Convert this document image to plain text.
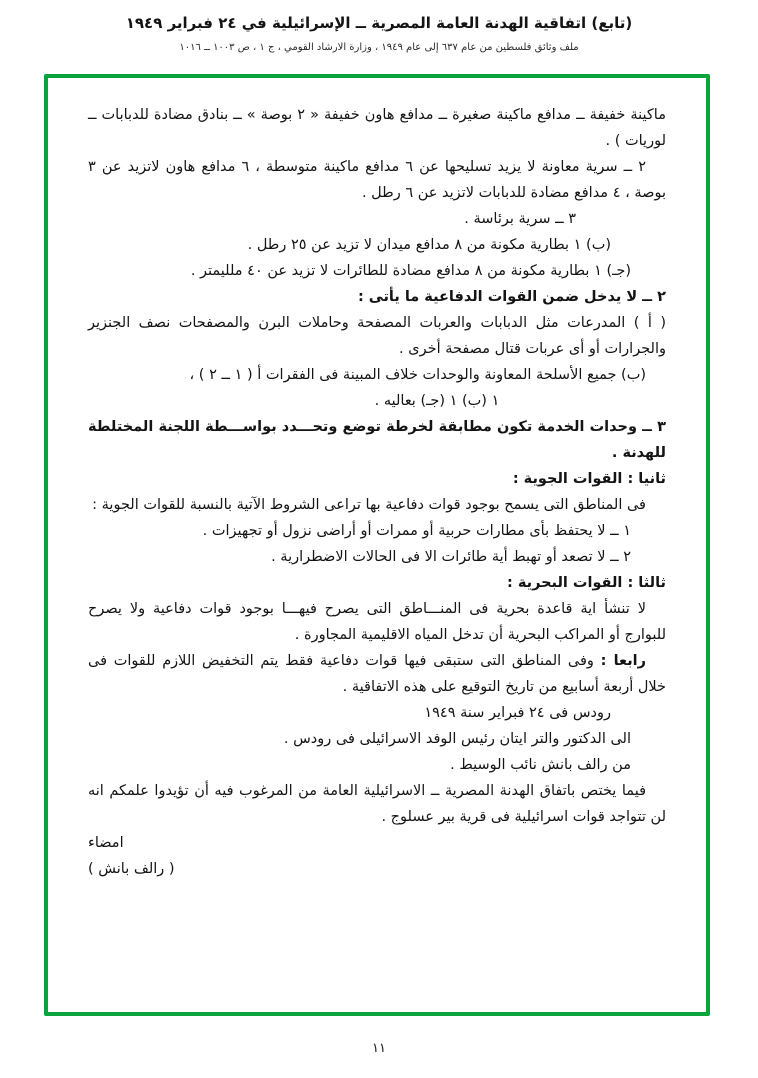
(تابع) اتفاقية الهدنة العامة المصرية ــ الإسرائيلية في ٢٤ فبراير ١٩٤٩
ملف وثائق فلسطين من عام ٦٣٧ إلى عام ١٩٤٩ ، وزارة الارشاد القومي ، ج ١ ، ص ١٠٠٣ ــ ١٠١٦

ماكينة خفيفة ــ مدافع ماكينة صغيرة ــ مدافع هاون خفيفة « ٢ بوصة » ــ بنادق مضادة للدبابات ــ لوريات ) .

٢ ــ سرية معاونة لا يزيد تسليحها عن ٦ مدافع ماكينة متوسطة ، ٦ مدافع هاون لاتزيد عن ٣ بوصة ، ٤ مدافع مضادة للدبابات لاتزيد عن ٦ رطل .

٣ ــ سرية برئاسة .

(ب) ١ بطارية مكونة من ٨ مدافع ميدان لا تزيد عن ٢٥ رطل .

(جـ) ١ بطارية مكونة من ٨ مدافع مضادة للطائرات لا تزيد عن ٤٠ ملليمتر .

٢ ــ لا يدخل ضمن القوات الدفاعية ما يأتى :

( أ ) المدرعات مثل الدبابات والعربات المصفحة وحاملات البرن والمصفحات نصف الجنزير والجرارات أو أى عربات قتال مصفحة أخرى .

(ب) جميع الأسلحة المعاونة والوحدات خلاف المبينة فى الفقرات أ ( ١ ــ ٢ ) ،

١ (ب) ١ (جـ) بعاليه .

٣ ــ وحدات الخدمة تكون مطابقة لخرطة توضع وتحـــدد بواســـطة اللجنة المختلطة للهدنة .

ثانيا : القوات الجوية :

فى المناطق التى يسمح بوجود قوات دفاعية بها تراعى الشروط الآتية بالنسبة للقوات الجوية :

١ ــ لا يحتفظ بأى مطارات حربية أو ممرات أو أراضى نزول أو تجهيزات .

٢ ــ لا تصعد أو تهبط أية طائرات الا فى الحالات الاضطرارية .

ثالثا : القوات البحرية :

لا تنشأ اية قاعدة بحرية فى المنـــاطق التى يصرح فيهـــا بوجود قوات دفاعية ولا يصرح للبوارج أو المراكب البحرية أن تدخل المياه الاقليمية المجاورة .

رابعا : وفى المناطق التى ستبقى فيها قوات دفاعية فقط يتم التخفيض اللازم للقوات فى خلال أربعة أسابيع من تاريخ التوقيع على هذه الاتفاقية .

رودس فى ٢٤ فبراير سنة ١٩٤٩

الى الدكتور والتر ايتان رئيس الوفد الاسرائيلى فى رودس .

من رالف بانش نائب الوسيط .

فيما يختص باتفاق الهدنة المصرية ــ الاسرائيلية العامة من المرغوب فيه أن تؤيدوا علمكم انه لن تتواجد قوات اسرائيلية فى قرية بير عسلوج .

امضاء

( رالف بانش )

١١
